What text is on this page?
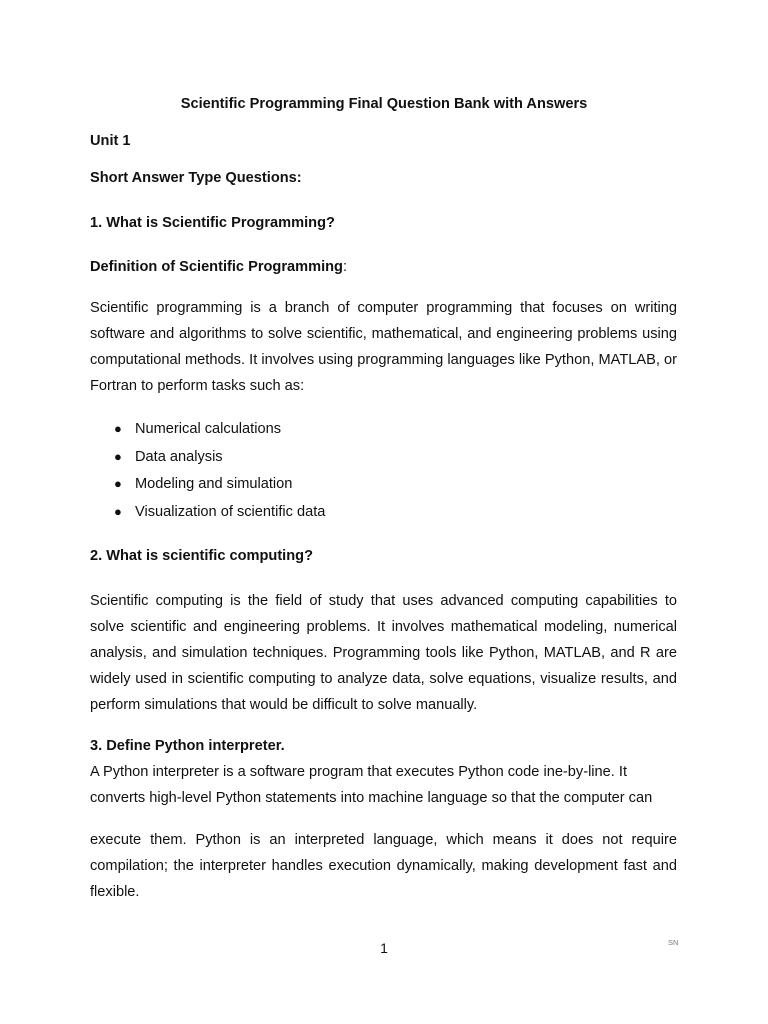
Scientific Programming Final Question Bank with Answers
Unit 1
Short Answer Type Questions:
1. What is Scientific Programming?
Definition of Scientific Programming:
Scientific programming is a branch of computer programming that focuses on writing software and algorithms to solve scientific, mathematical, and engineering problems using computational methods. It involves using programming languages like Python, MATLAB, or Fortran to perform tasks such as:
● Numerical calculations
● Data analysis
● Modeling and simulation
● Visualization of scientific data
2. What is scientific computing?
Scientific computing is the field of study that uses advanced computing capabilities to solve scientific and engineering problems. It involves mathematical modeling, numerical analysis, and simulation techniques. Programming tools like Python, MATLAB, and R are widely used in scientific computing to analyze data, solve equations, visualize results, and perform simulations that would be difficult to solve manually.
3. Define Python interpreter.
A Python interpreter is a software program that executes Python code ine-by-line. It
converts high-level Python statements into machine language so that the computer can
execute them. Python is an interpreted language, which means it does not require compilation; the interpreter handles execution dynamically, making development fast and flexible.
1	SN
